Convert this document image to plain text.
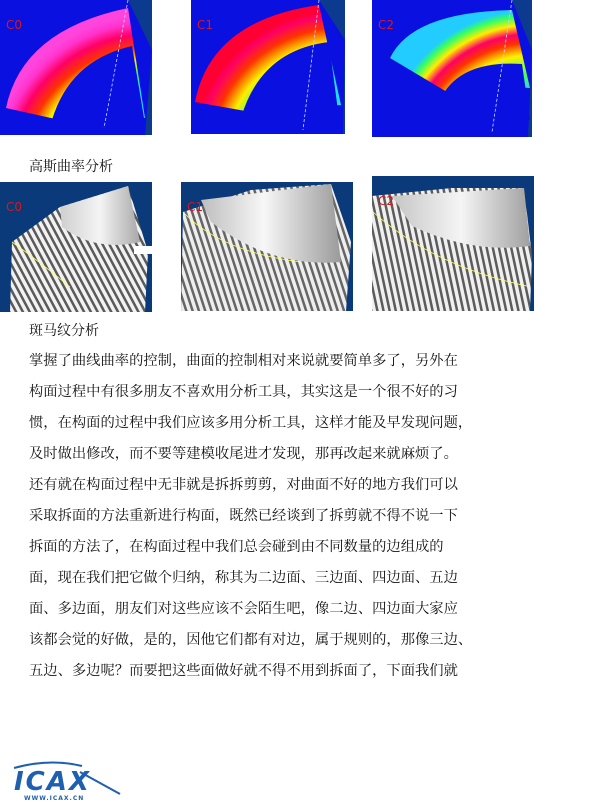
C0	C1	C2
高斯曲率分析
C0	C1	C2
斑马纹分析
掌握了曲线曲率的控制，曲面的控制相对来说就要简单多了，另外在
构面过程中有很多朋友不喜欢用分析工具，其实这是一个很不好的习
惯，在构面的过程中我们应该多用分析工具，这样才能及早发现问题，
及时做出修改，而不要等建模收尾进才发现，那再改起来就麻烦了。
还有就在构面过程中无非就是拆拆剪剪，对曲面不好的地方我们可以
采取拆面的方法重新进行构面，既然已经谈到了拆剪就不得不说一下
拆面的方法了，在构面过程中我们总会碰到由不同数量的边组成的
面，现在我们把它做个归纳，称其为二边面、三边面、四边面、五边
面、多边面，朋友们对这些应该不会陌生吧，像二边、四边面大家应
该都会觉的好做，是的，因他它们都有对边，属于规则的，那像三边、
五边、多边呢？而要把这些面做好就不得不用到拆面了，下面我们就
ICAX
WWW.ICAX.CN
